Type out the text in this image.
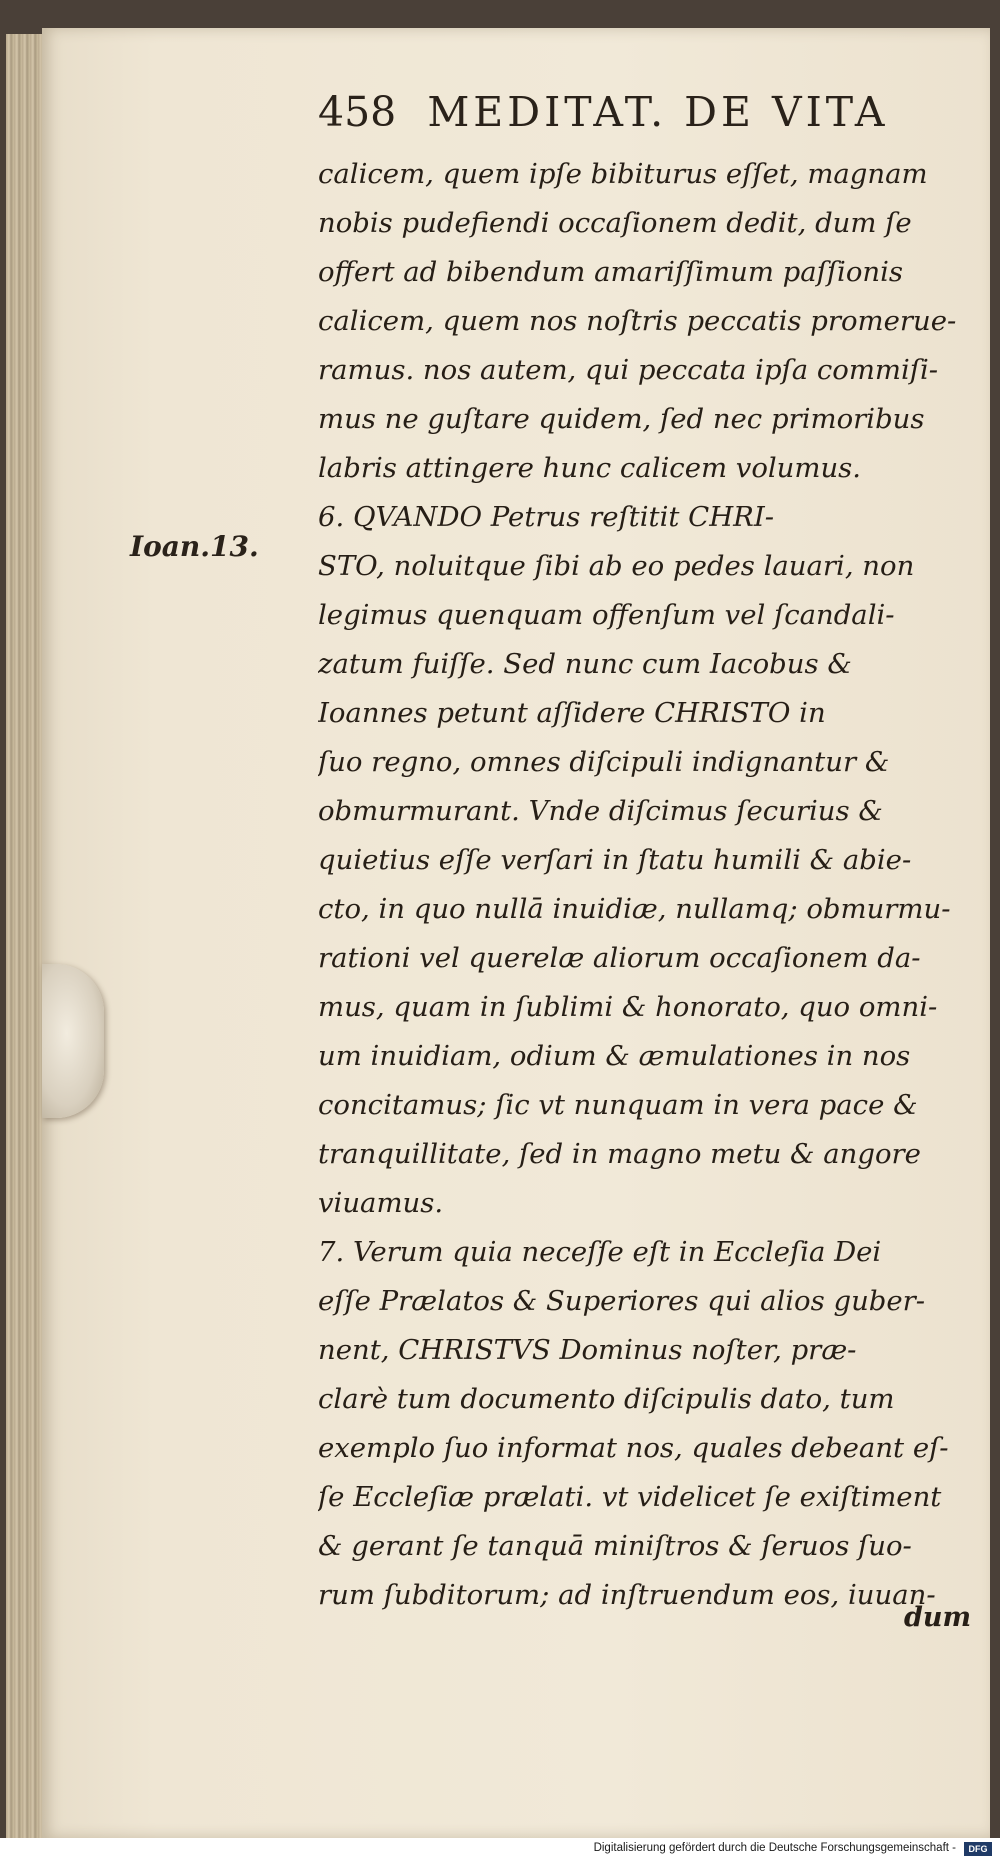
458 MEDITAT. DE VITA
Ioan.13.
calicem, quem ipſe bibiturus eſſet, magnam
nobis pudefiendi occaſionem dedit, dum ſe
offert ad bibendum amariſſimum paſſionis
calicem, quem nos noſtris peccatis promerue-
ramus. nos autem, qui peccata ipſa commiſi-
mus ne guſtare quidem, ſed nec primoribus
labris attingere hunc calicem volumus.
6. QVANDO Petrus reſtitit CHRI-
STO, noluitque ſibi ab eo pedes lauari, non
legimus quenquam offenſum vel ſcandali-
zatum fuiſſe. Sed nunc cum Iacobus &
Ioannes petunt aſſidere CHRISTO in
ſuo regno, omnes diſcipuli indignantur &
obmurmurant. Vnde diſcimus ſecurius &
quietius eſſe verſari in ſtatu humili & abie-
cto, in quo nullā inuidiæ, nullamq; obmurmu-
rationi vel querelæ aliorum occaſionem da-
mus, quam in ſublimi & honorato, quo omni-
um inuidiam, odium & æmulationes in nos
concitamus; ſic vt nunquam in vera pace &
tranquillitate, ſed in magno metu & angore
viuamus.
7. Verum quia neceſſe eſt in Eccleſia Dei
eſſe Prælatos & Superiores qui alios guber-
nent, CHRISTVS Dominus noſter, præ-
clarè tum documento diſcipulis dato, tum
exemplo ſuo informat nos, quales debeant eſ-
ſe Eccleſiæ prælati. vt videlicet ſe exiſtiment
& gerant ſe tanquā miniſtros & ſeruos ſuo-
rum ſubditorum; ad inſtruendum eos, iuuan-
dum
Digitalisierung gefördert durch die Deutsche Forschungsgemeinschaft -	DFG
